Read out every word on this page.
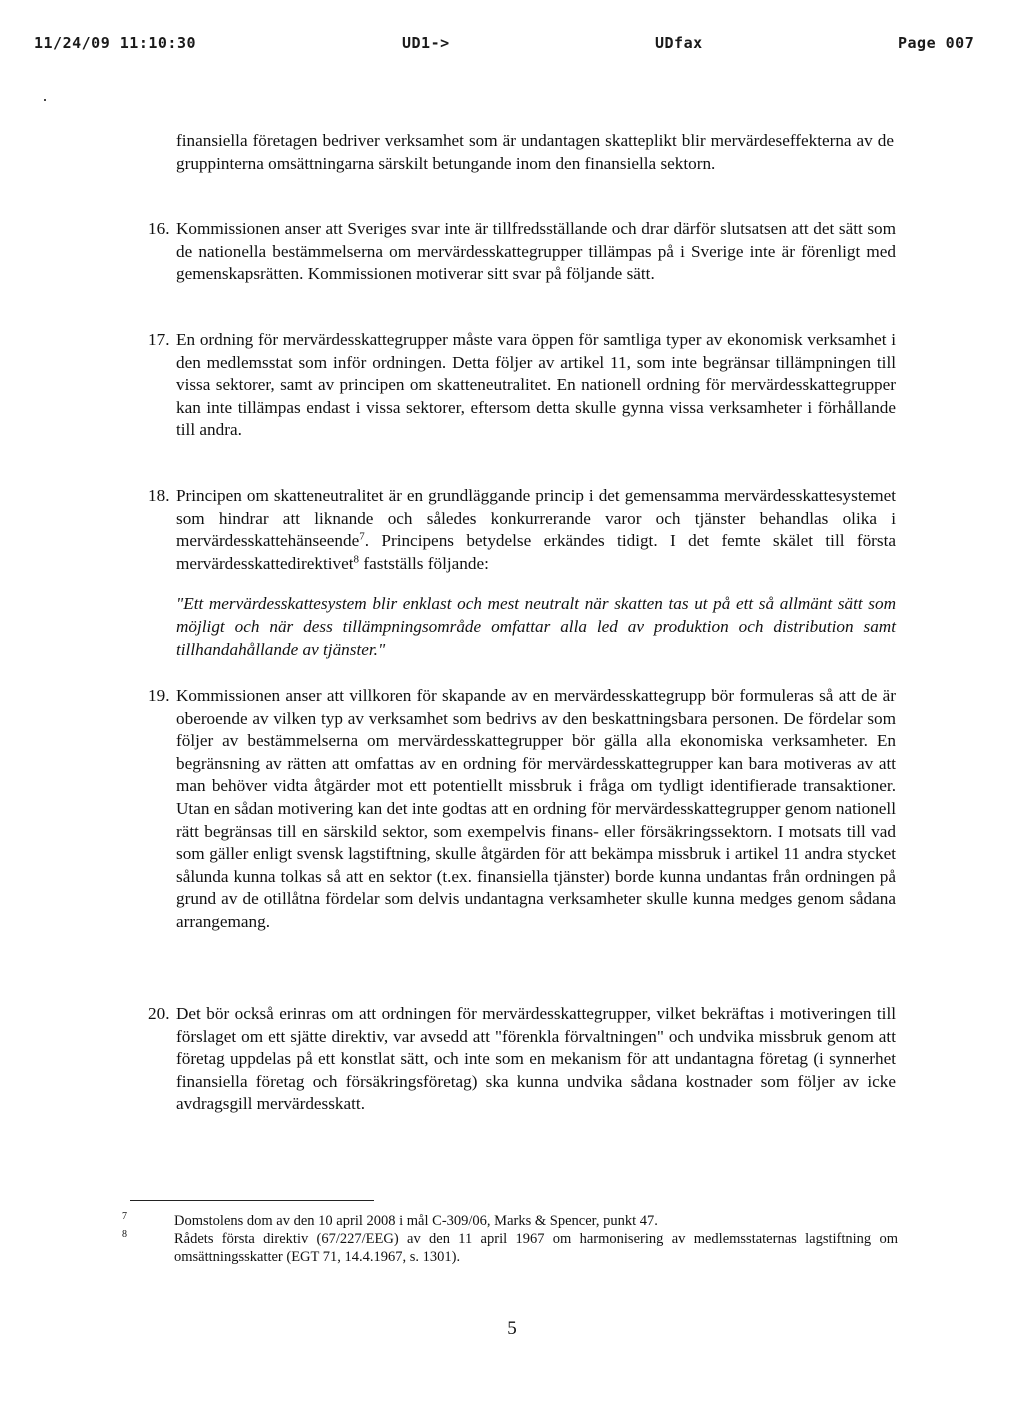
11/24/09 11:10:30	UD1->	UDfax	Page 007

finansiella företagen bedriver verksamhet som är undantagen skatteplikt blir mervärdeseffekterna av de gruppinterna omsättningarna särskilt betungande inom den finansiella sektorn.

16. Kommissionen anser att Sveriges svar inte är tillfredsställande och drar därför slutsatsen att det sätt som de nationella bestämmelserna om mervärdesskattegrupper tillämpas på i Sverige inte är förenligt med gemenskapsrätten. Kommissionen motiverar sitt svar på följande sätt.
17. En ordning för mervärdesskattegrupper måste vara öppen för samtliga typer av ekonomisk verksamhet i den medlemsstat som inför ordningen. Detta följer av artikel 11, som inte begränsar tillämpningen till vissa sektorer, samt av principen om skatteneutralitet. En nationell ordning för mervärdesskattegrupper kan inte tillämpas endast i vissa sektorer, eftersom detta skulle gynna vissa verksamheter i förhållande till andra.
18. Principen om skatteneutralitet är en grundläggande princip i det gemensamma mervärdesskattesystemet som hindrar att liknande och således konkurrerande varor och tjänster behandlas olika i mervärdesskattehänseende$^7$. Principens betydelse erkändes tidigt. I det femte skälet till första mervärdesskattedirektivet$^8$ fastställs följande:
"Ett mervärdesskattesystem blir enklast och mest neutralt när skatten tas ut på ett så allmänt sätt som möjligt och när dess tillämpningsområde omfattar alla led av produktion och distribution samt tillhandahållande av tjänster."
19. Kommissionen anser att villkoren för skapande av en mervärdesskattegrupp bör formuleras så att de är oberoende av vilken typ av verksamhet som bedrivs av den beskattningsbara personen. De fördelar som följer av bestämmelserna om mervärdesskattegrupper bör gälla alla ekonomiska verksamheter. En begränsning av rätten att omfattas av en ordning för mervärdesskattegrupper kan bara motiveras av att man behöver vidta åtgärder mot ett potentiellt missbruk i fråga om tydligt identifierade transaktioner. Utan en sådan motivering kan det inte godtas att en ordning för mervärdesskattegrupper genom nationell rätt begränsas till en särskild sektor, som exempelvis finans- eller försäkringssektorn. I motsats till vad som gäller enligt svensk lagstiftning, skulle åtgärden för att bekämpa missbruk i artikel 11 andra stycket sålunda kunna tolkas så att en sektor (t.ex. finansiella tjänster) borde kunna undantas från ordningen på grund av de otillåtna fördelar som delvis undantagna verksamheter skulle kunna medges genom sådana arrangemang.
20. Det bör också erinras om att ordningen för mervärdesskattegrupper, vilket bekräftas i motiveringen till förslaget om ett sjätte direktiv, var avsedd att "förenkla förvaltningen" och undvika missbruk genom att företag uppdelas på ett konstlat sätt, och inte som en mekanism för att undantagna företag (i synnerhet finansiella företag och försäkringsföretag) ska kunna undvika sådana kostnader som följer av icke avdragsgill mervärdesskatt.
7	Domstolens dom av den 10 april 2008 i mål C-309/06, Marks & Spencer, punkt 47.
8	Rådets första direktiv (67/227/EEG) av den 11 april 1967 om harmonisering av medlemsstaternas lagstiftning om omsättningsskatter (EGT 71, 14.4.1967, s. 1301).
5
